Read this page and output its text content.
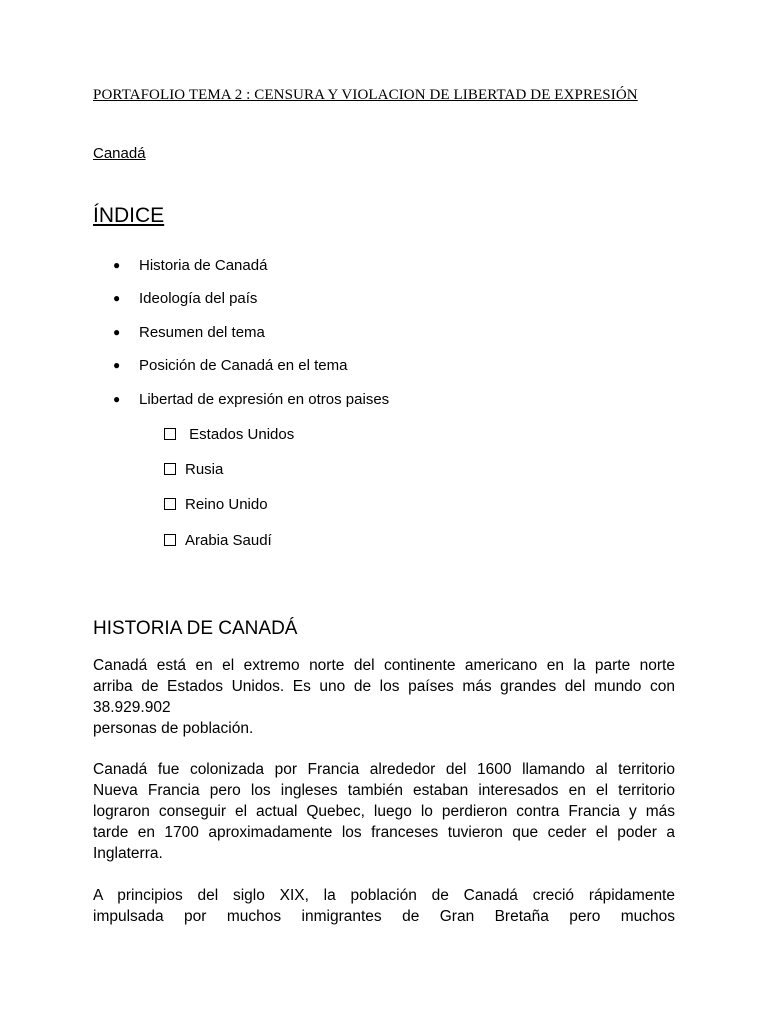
PORTAFOLIO TEMA 2 : CENSURA Y VIOLACION DE LIBERTAD DE EXPRESIÓN
Canadá
ÍNDICE
● Historia de Canadá
● Ideología del país
● Resumen del tema
● Posición de Canadá en el tema
● Libertad de expresión en otros paises
Estados Unidos
Rusia
Reino Unido
Arabia Saudí
HISTORIA DE CANADÁ

Canadá está en el extremo norte del continente americano en la parte norte
arriba de Estados Unidos. Es uno de los países más grandes del mundo con
38.929.902
personas de población.

Canadá fue colonizada por Francia alrededor del 1600 llamando al territorio
Nueva Francia pero los ingleses también estaban interesados en el territorio
lograron conseguir el actual Quebec, luego lo perdieron contra Francia y más
tarde en 1700 aproximadamente los franceses tuvieron que ceder el poder a
Inglaterra.

A principios del siglo XIX, la población de Canadá creció rápidamente
impulsada por muchos inmigrantes de Gran Bretaña pero muchos
